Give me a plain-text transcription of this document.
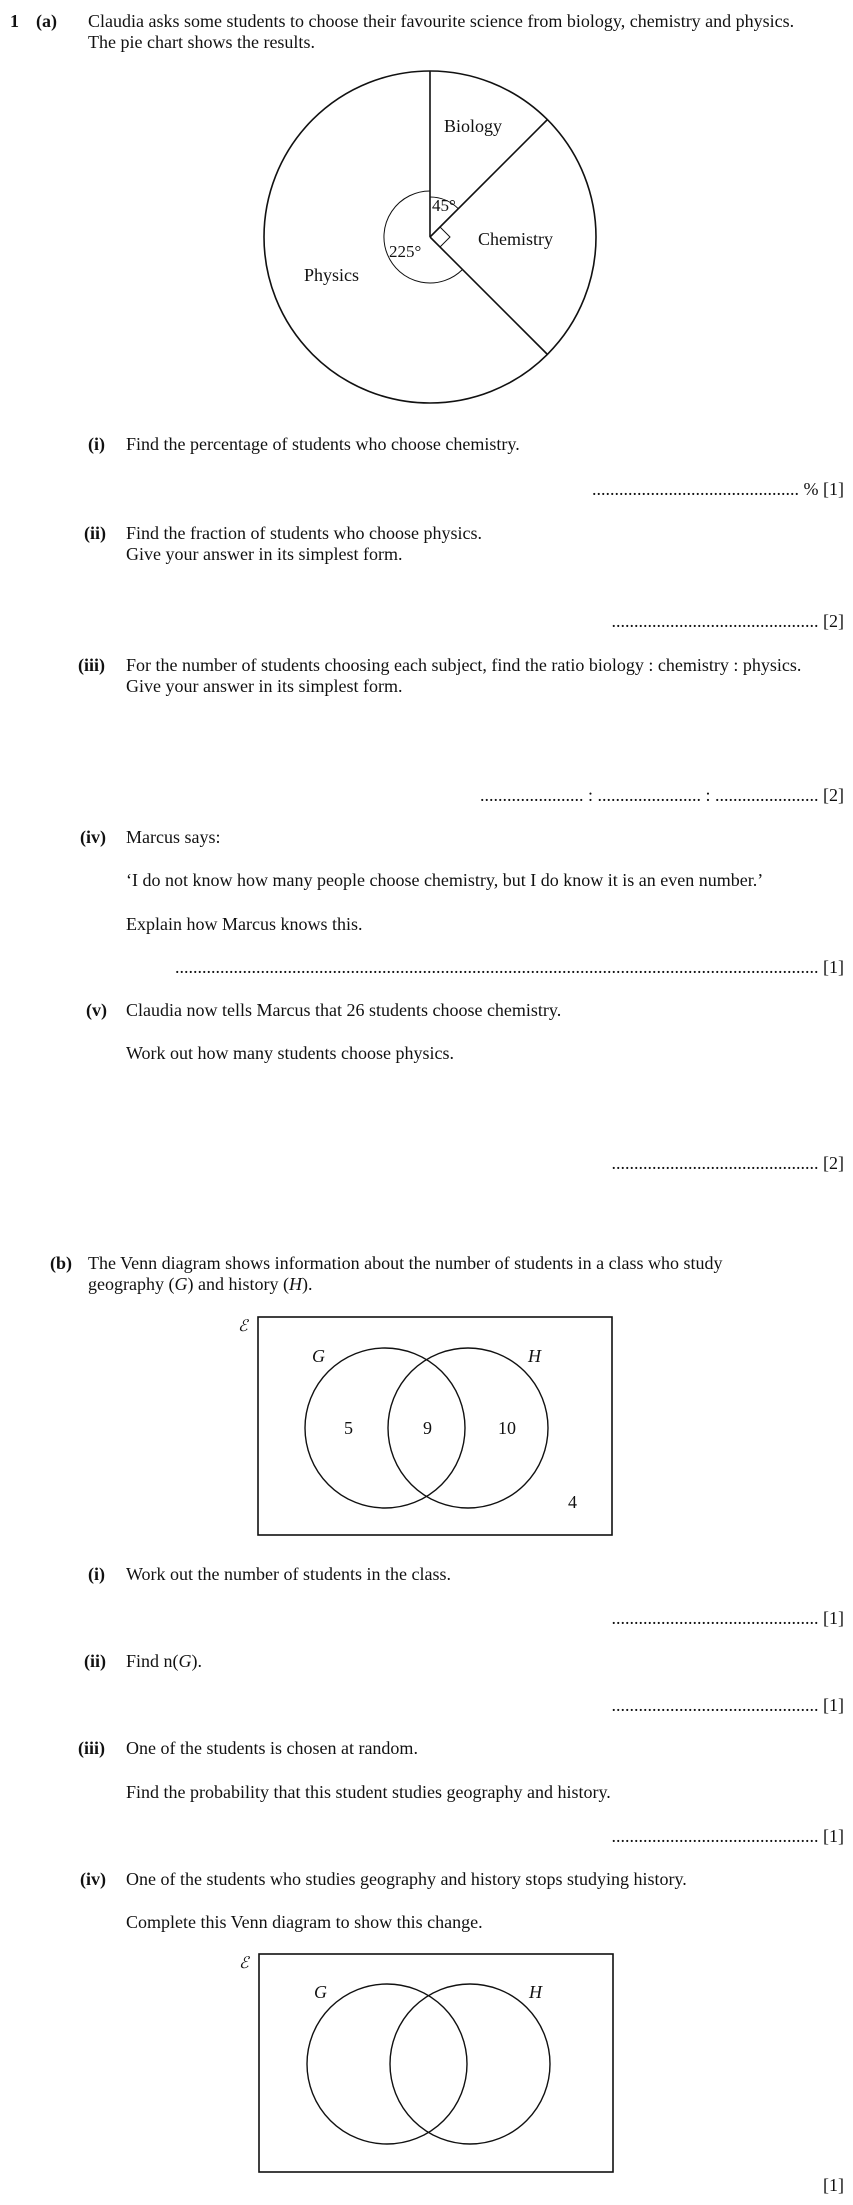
1 (a) Claudia asks some students to choose their favourite science from biology, chemistry and physics.
The pie chart shows the results.
Biology
Chemistry
Physics
45°
225°
(i) Find the percentage of students who choose chemistry.
.............................................. % [1]
(ii) Find the fraction of students who choose physics.
Give your answer in its simplest form.
.............................................. [2]
(iii) For the number of students choosing each subject, find the ratio biology : chemistry : physics.
Give your answer in its simplest form.
....................... : ....................... : ....................... [2]
(iv) Marcus says:
‘I do not know how many people choose chemistry, but I do know it is an even number.’
Explain how Marcus knows this.
............................................................................................................................................... [1]
(v) Claudia now tells Marcus that 26 students choose chemistry.
Work out how many students choose physics.
.............................................. [2]
(b) The Venn diagram shows information about the number of students in a class who study
geography (G) and history (H).
ℰ
G	H
5	9	10
4
(i) Work out the number of students in the class.
.............................................. [1]
(ii) Find n(G).
.............................................. [1]
(iii) One of the students is chosen at random.
Find the probability that this student studies geography and history.
.............................................. [1]
(iv) One of the students who studies geography and history stops studying history.
Complete this Venn diagram to show this change.
ℰ
G	H
[1]
